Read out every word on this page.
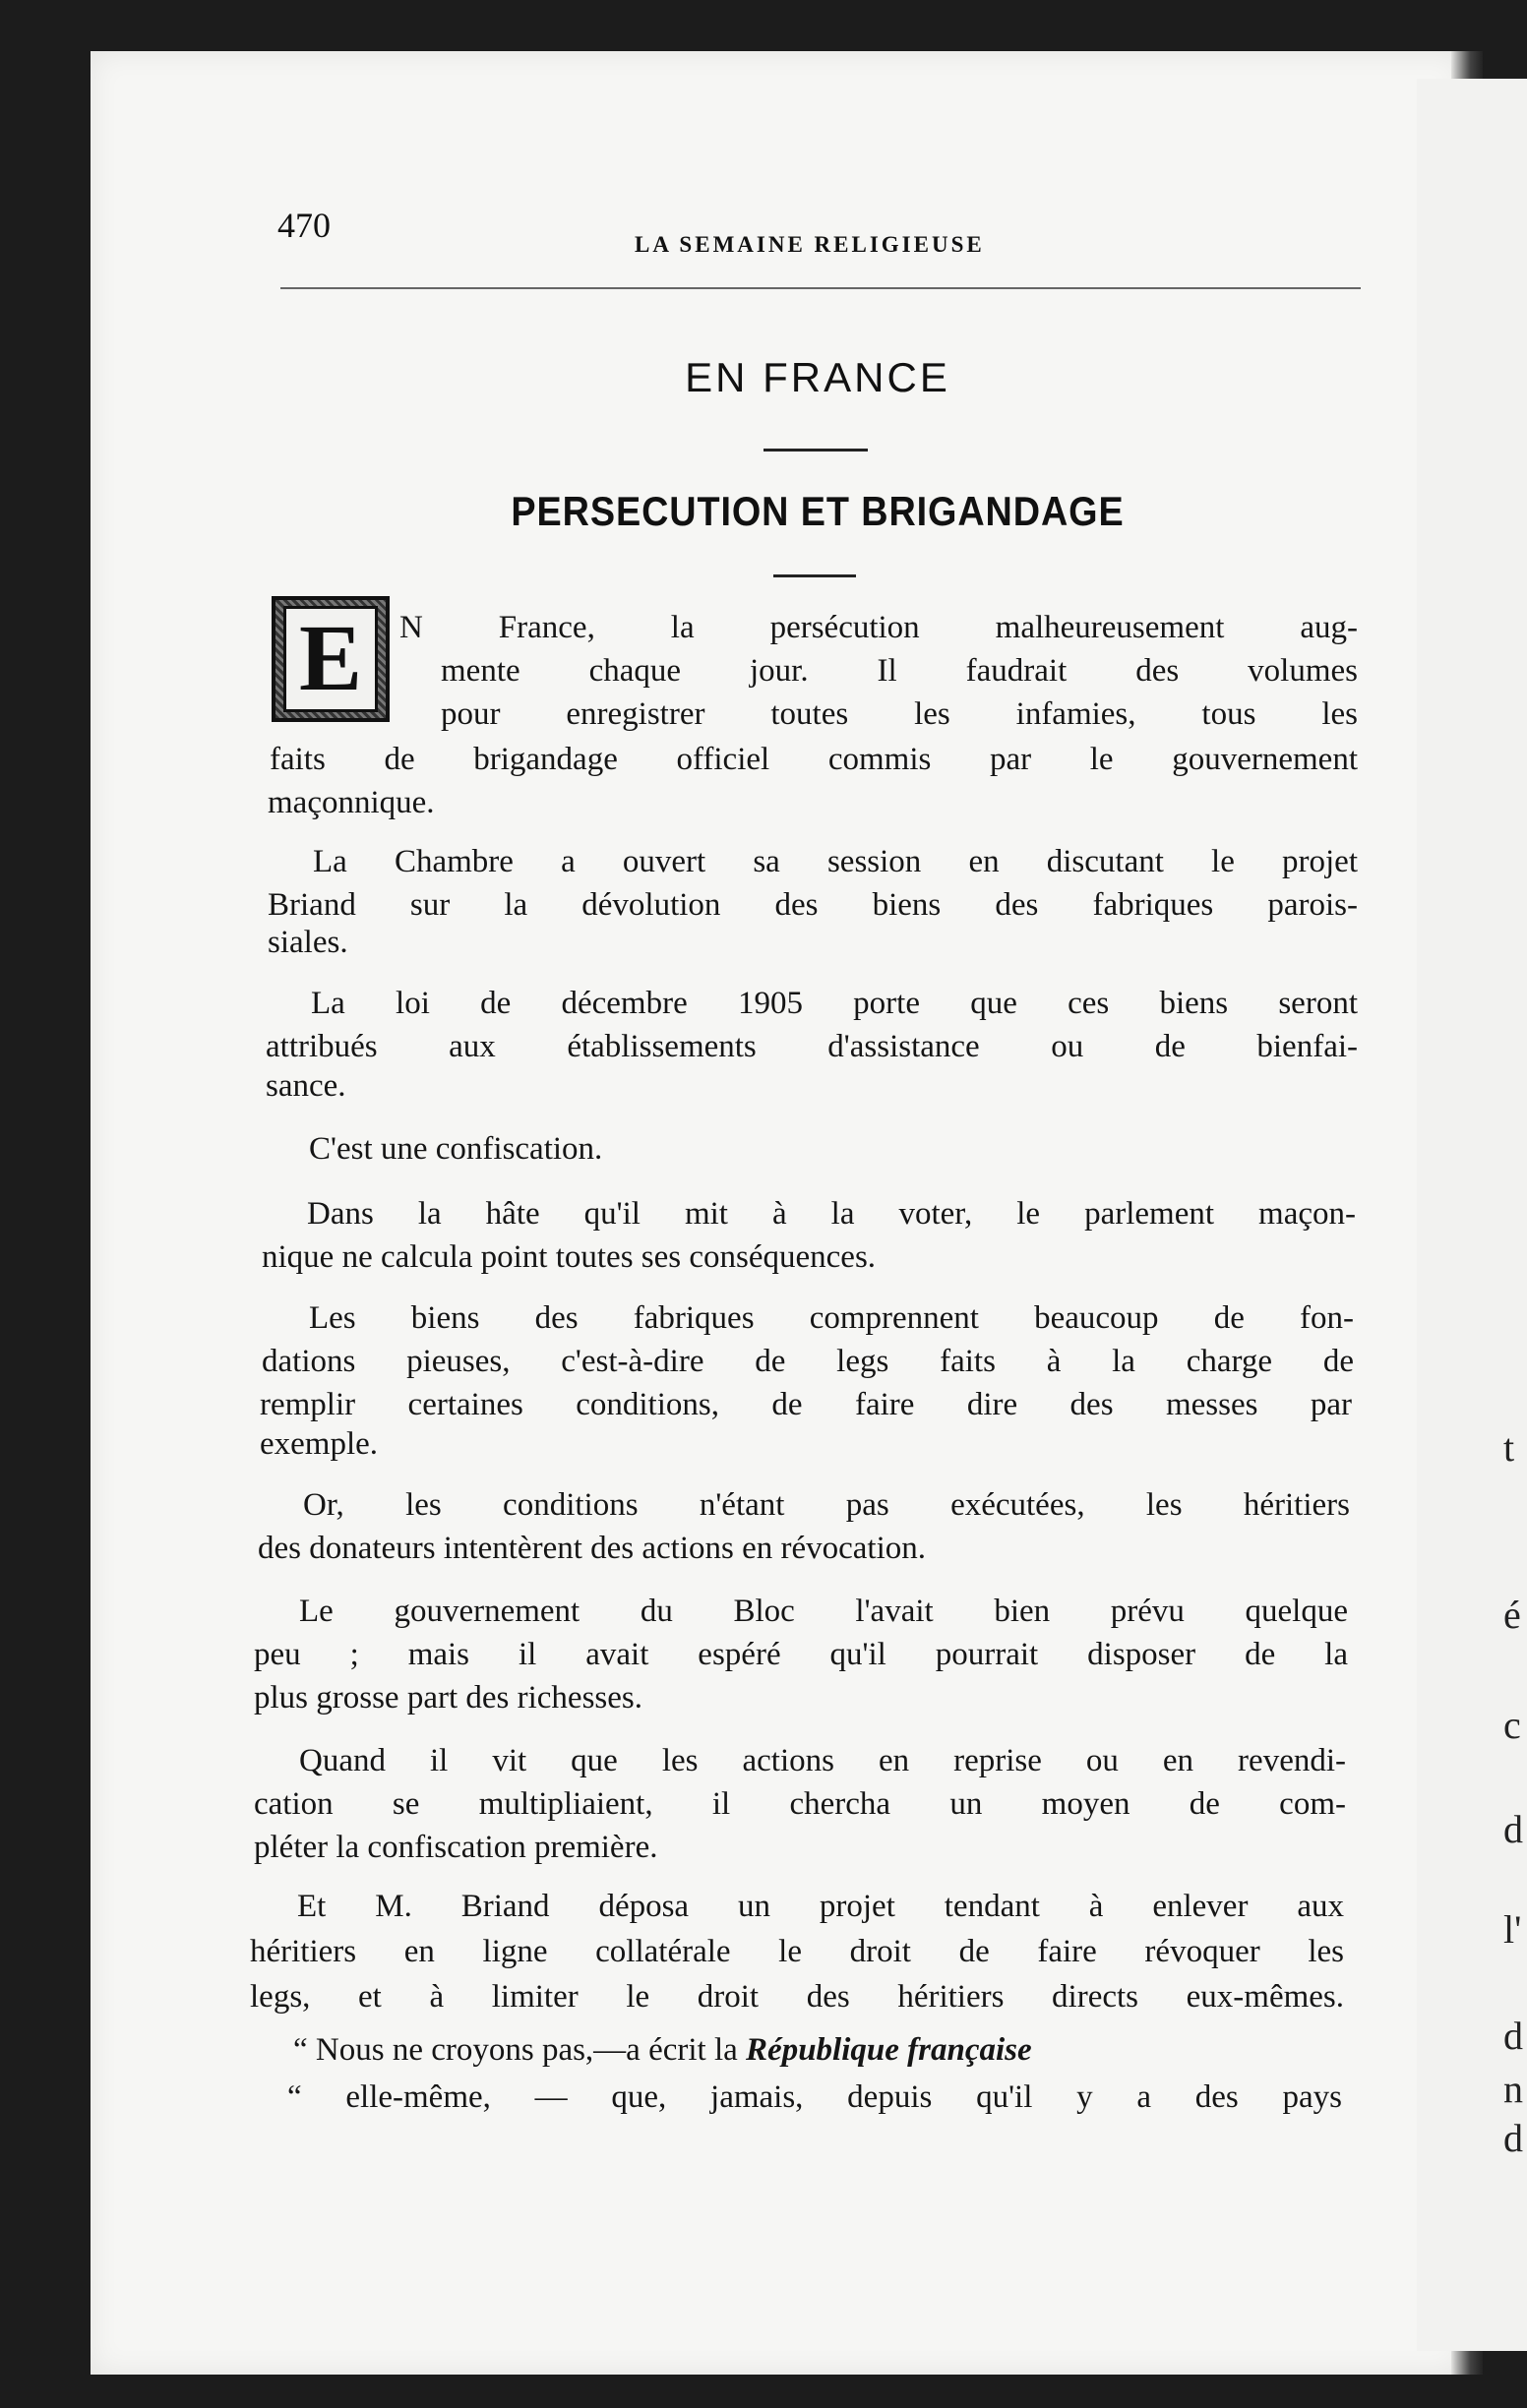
t
é
c
d
l'
d
n
d
470	LA SEMAINE RELIGIEUSE
EN FRANCE
PERSECUTION ET BRIGANDAGE
E	N France, la persécution malheureusement aug-
mente chaque jour. Il faudrait des volumes
pour enregistrer toutes les infamies, tous les
faits de brigandage officiel commis par le gouvernement
maçonnique.
La Chambre a ouvert sa session en discutant le projet
Briand sur la dévolution des biens des fabriques parois-
siales.
La loi de décembre 1905 porte que ces biens seront
attribués aux établissements d'assistance ou de bienfai-
sance.
C'est une confiscation.
Dans la hâte qu'il mit à la voter, le parlement maçon-
nique ne calcula point toutes ses conséquences.
Les biens des fabriques comprennent beaucoup de fon-
dations pieuses, c'est-à-dire de legs faits à la charge de
remplir certaines conditions, de faire dire des messes par
exemple.
Or, les conditions n'étant pas exécutées, les héritiers
des donateurs intentèrent des actions en révocation.
Le gouvernement du Bloc l'avait bien prévu quelque
peu ; mais il avait espéré qu'il pourrait disposer de la
plus grosse part des richesses.
Quand il vit que les actions en reprise ou en revendi-
cation se multipliaient, il chercha un moyen de com-
pléter la confiscation première.
Et M. Briand déposa un projet tendant à enlever aux
héritiers en ligne collatérale le droit de faire révoquer les
legs, et à limiter le droit des héritiers directs eux-mêmes.
“ Nous ne croyons pas,—a écrit la République française
“ elle-même, — que, jamais, depuis qu'il y a des pays
